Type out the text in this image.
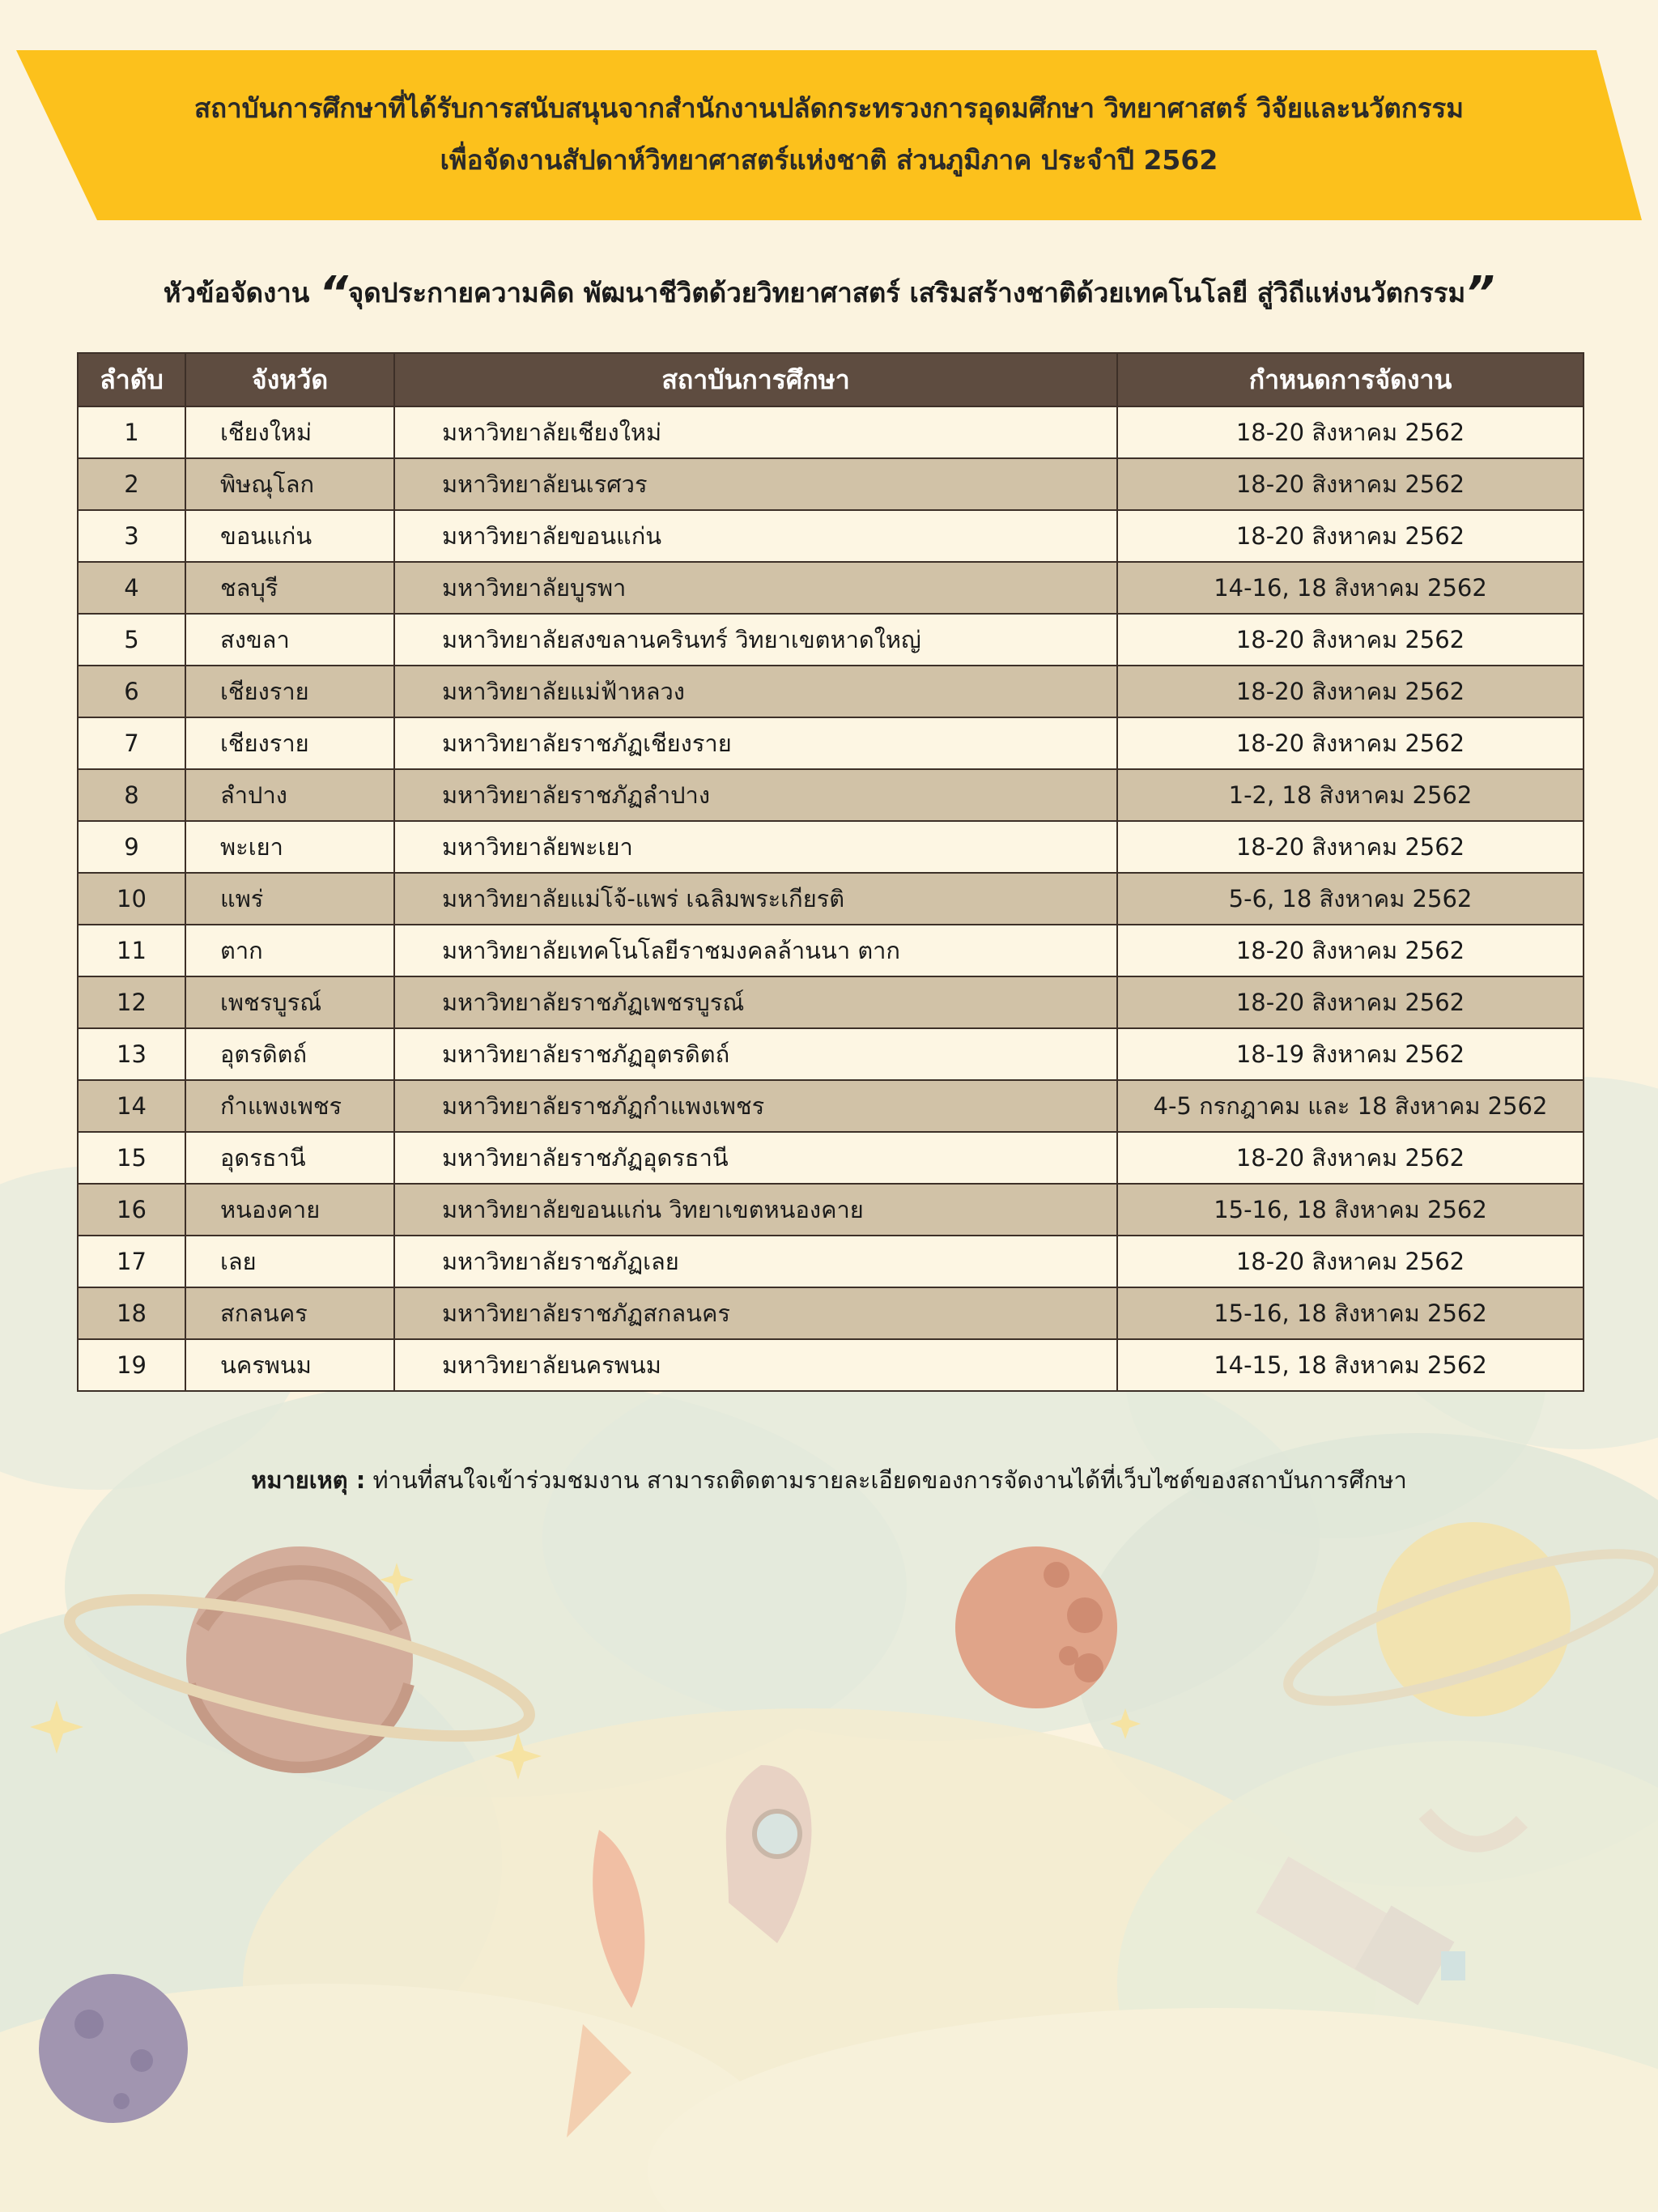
สถาบันการศึกษาที่ได้รับการสนับสนุนจากสำนักงานปลัดกระทรวงการอุดมศึกษา วิทยาศาสตร์ วิจัยและนวัตกรรม
เพื่อจัดงานสัปดาห์วิทยาศาสตร์แห่งชาติ ส่วนภูมิภาค ประจำปี 2562
หัวข้อจัดงาน “จุดประกายความคิด พัฒนาชีวิตด้วยวิทยาศาสตร์ เสริมสร้างชาติด้วยเทคโนโลยี สู่วิถีแห่งนวัตกรรม”
ลำดับ	จังหวัด	สถาบันการศึกษา	กำหนดการจัดงาน
1	เชียงใหม่	มหาวิทยาลัยเชียงใหม่	18-20 สิงหาคม 2562
2	พิษณุโลก	มหาวิทยาลัยนเรศวร	18-20 สิงหาคม 2562
3	ขอนแก่น	มหาวิทยาลัยขอนแก่น	18-20 สิงหาคม 2562
4	ชลบุรี	มหาวิทยาลัยบูรพา	14-16, 18 สิงหาคม 2562
5	สงขลา	มหาวิทยาลัยสงขลานครินทร์ วิทยาเขตหาดใหญ่	18-20 สิงหาคม 2562
6	เชียงราย	มหาวิทยาลัยแม่ฟ้าหลวง	18-20 สิงหาคม 2562
7	เชียงราย	มหาวิทยาลัยราชภัฏเชียงราย	18-20 สิงหาคม 2562
8	ลำปาง	มหาวิทยาลัยราชภัฏลำปาง	1-2, 18 สิงหาคม 2562
9	พะเยา	มหาวิทยาลัยพะเยา	18-20 สิงหาคม 2562
10	แพร่	มหาวิทยาลัยแม่โจ้-แพร่ เฉลิมพระเกียรติ	5-6, 18 สิงหาคม 2562
11	ตาก	มหาวิทยาลัยเทคโนโลยีราชมงคลล้านนา ตาก	18-20 สิงหาคม 2562
12	เพชรบูรณ์	มหาวิทยาลัยราชภัฏเพชรบูรณ์	18-20 สิงหาคม 2562
13	อุตรดิตถ์	มหาวิทยาลัยราชภัฏอุตรดิตถ์	18-19 สิงหาคม 2562
14	กำแพงเพชร	มหาวิทยาลัยราชภัฏกำแพงเพชร	4-5 กรกฎาคม และ 18 สิงหาคม 2562
15	อุดรธานี	มหาวิทยาลัยราชภัฏอุดรธานี	18-20 สิงหาคม 2562
16	หนองคาย	มหาวิทยาลัยขอนแก่น วิทยาเขตหนองคาย	15-16, 18 สิงหาคม 2562
17	เลย	มหาวิทยาลัยราชภัฏเลย	18-20 สิงหาคม 2562
18	สกลนคร	มหาวิทยาลัยราชภัฏสกลนคร	15-16, 18 สิงหาคม 2562
19	นครพนม	มหาวิทยาลัยนครพนม	14-15, 18 สิงหาคม 2562
หมายเหตุ : ท่านที่สนใจเข้าร่วมชมงาน สามารถติดตามรายละเอียดของการจัดงานได้ที่เว็บไซต์ของสถาบันการศึกษา
